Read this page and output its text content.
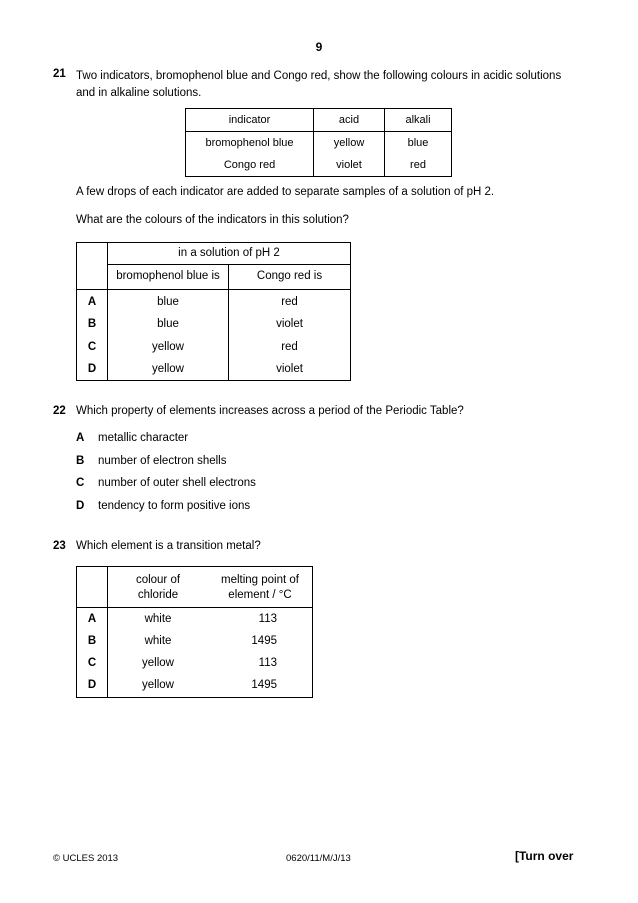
9
21 Two indicators, bromophenol blue and Congo red, show the following colours in acidic solutions
and in alkaline solutions.
indicator	acid	alkali
bromophenol blue	yellow	blue
Congo red	violet	red
A few drops of each indicator are added to separate samples of a solution of pH 2.
What are the colours of the indicators in this solution?
in a solution of pH 2
bromophenol blue is	Congo red is
A	blue	red
B	blue	violet
C	yellow	red
D	yellow	violet
22 Which property of elements increases across a period of the Periodic Table?
A metallic character
B number of electron shells
C number of outer shell electrons
D tendency to form positive ions
23 Which element is a transition metal?
colour of
chloride
melting point of
element / °C
A	white	113
B	white	1495
C	yellow	113
D	yellow	1495
© UCLES 2013	0620/11/M/J/13	[Turn over
